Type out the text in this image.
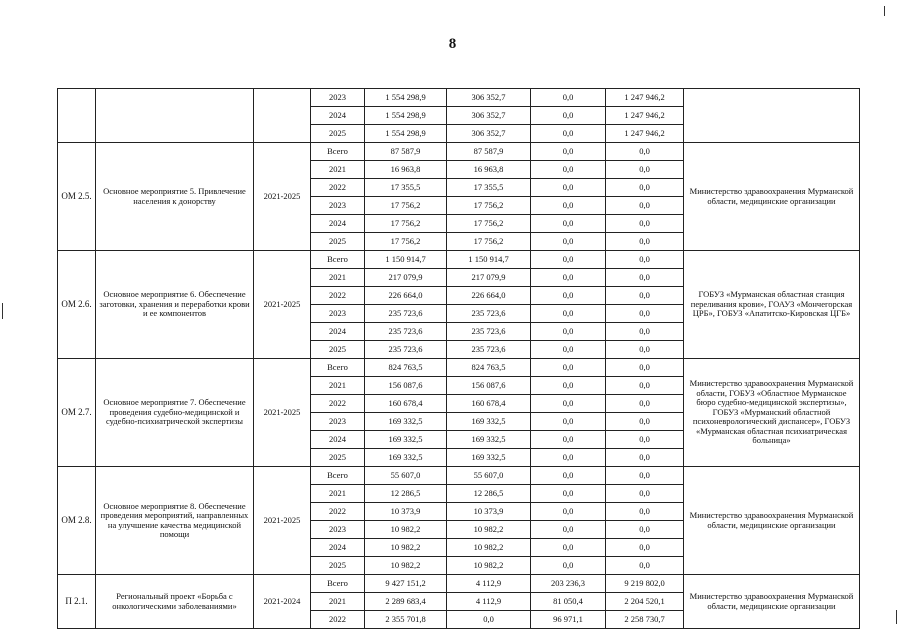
8
			2023	1 554 298,9	306 352,7	0,0	1 247 946,2	
			2024	1 554 298,9	306 352,7	0,0	1 247 946,2	
			2025	1 554 298,9	306 352,7	0,0	1 247 946,2	
ОМ 2.5.	Основное мероприятие 5. Привлечение населения к донорству	2021-2025	Всего	87 587,9	87 587,9	0,0	0,0	Министерство здравоохранения Мурманской области, медицинские организации
			2021	16 963,8	16 963,8	0,0	0,0	
			2022	17 355,5	17 355,5	0,0	0,0	
			2023	17 756,2	17 756,2	0,0	0,0	
			2024	17 756,2	17 756,2	0,0	0,0	
			2025	17 756,2	17 756,2	0,0	0,0	
ОМ 2.6.	Основное мероприятие 6. Обеспечение заготовки, хранения и переработки крови и ее компонентов	2021-2025	Всего	1 150 914,7	1 150 914,7	0,0	0,0	ГОБУЗ «Мурманская областная станция переливания крови», ГОАУЗ «Мончегорская ЦРБ», ГОБУЗ «Апатитско-Кировская ЦГБ»
			2021	217 079,9	217 079,9	0,0	0,0	
			2022	226 664,0	226 664,0	0,0	0,0	
			2023	235 723,6	235 723,6	0,0	0,0	
			2024	235 723,6	235 723,6	0,0	0,0	
			2025	235 723,6	235 723,6	0,0	0,0	
ОМ 2.7.	Основное мероприятие 7. Обеспечение проведения судебно-медицинской и судебно-психиатрической экспертизы	2021-2025	Всего	824 763,5	824 763,5	0,0	0,0	Министерство здравоохранения Мурманской области, ГОБУЗ «Областное Мурманское бюро судебно-медицинской экспертизы», ГОБУЗ «Мурманский областной психоневрологический диспансер», ГОБУЗ «Мурманская областная психиатрическая больница»
			2021	156 087,6	156 087,6	0,0	0,0	
			2022	160 678,4	160 678,4	0,0	0,0	
			2023	169 332,5	169 332,5	0,0	0,0	
			2024	169 332,5	169 332,5	0,0	0,0	
			2025	169 332,5	169 332,5	0,0	0,0	
ОМ 2.8.	Основное мероприятие 8. Обеспечение проведения мероприятий, направленных на улучшение качества медицинской помощи	2021-2025	Всего	55 607,0	55 607,0	0,0	0,0	Министерство здравоохранения Мурманской области, медицинские организации
			2021	12 286,5	12 286,5	0,0	0,0	
			2022	10 373,9	10 373,9	0,0	0,0	
			2023	10 982,2	10 982,2	0,0	0,0	
			2024	10 982,2	10 982,2	0,0	0,0	
			2025	10 982,2	10 982,2	0,0	0,0	
П 2.1.	Региональный проект «Борьба с онкологическими заболеваниями»	2021-2024	Всего	9 427 151,2	4 112,9	203 236,3	9 219 802,0	Министерство здравоохранения Мурманской области, медицинские организации
			2021	2 289 683,4	4 112,9	81 050,4	2 204 520,1	
			2022	2 355 701,8	0,0	96 971,1	2 258 730,7	
